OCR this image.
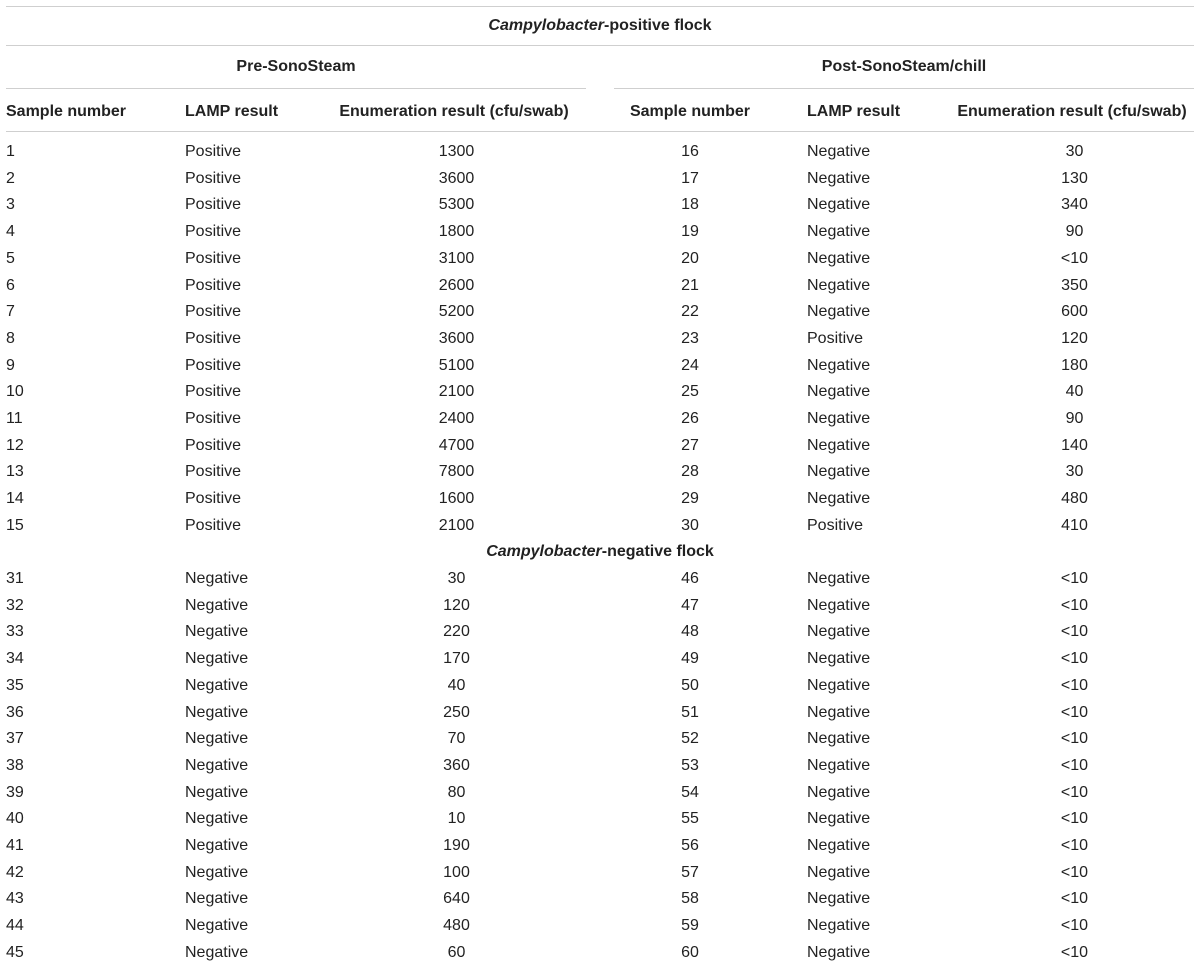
Campylobacter-positive flock
Pre-SonoSteam	Post-SonoSteam/chill
Sample number	LAMP result	Enumeration result (cfu/swab)	Sample number	LAMP result	Enumeration result (cfu/swab)
1	Positive	1300	16	Negative	30
2	Positive	3600	17	Negative	130
3	Positive	5300	18	Negative	340
4	Positive	1800	19	Negative	90
5	Positive	3100	20	Negative	<10
6	Positive	2600	21	Negative	350
7	Positive	5200	22	Negative	600
8	Positive	3600	23	Positive	120
9	Positive	5100	24	Negative	180
10	Positive	2100	25	Negative	40
11	Positive	2400	26	Negative	90
12	Positive	4700	27	Negative	140
13	Positive	7800	28	Negative	30
14	Positive	1600	29	Negative	480
15	Positive	2100	30	Positive	410
Campylobacter-negative flock
31	Negative	30	46	Negative	<10
32	Negative	120	47	Negative	<10
33	Negative	220	48	Negative	<10
34	Negative	170	49	Negative	<10
35	Negative	40	50	Negative	<10
36	Negative	250	51	Negative	<10
37	Negative	70	52	Negative	<10
38	Negative	360	53	Negative	<10
39	Negative	80	54	Negative	<10
40	Negative	10	55	Negative	<10
41	Negative	190	56	Negative	<10
42	Negative	100	57	Negative	<10
43	Negative	640	58	Negative	<10
44	Negative	480	59	Negative	<10
45	Negative	60	60	Negative	<10
